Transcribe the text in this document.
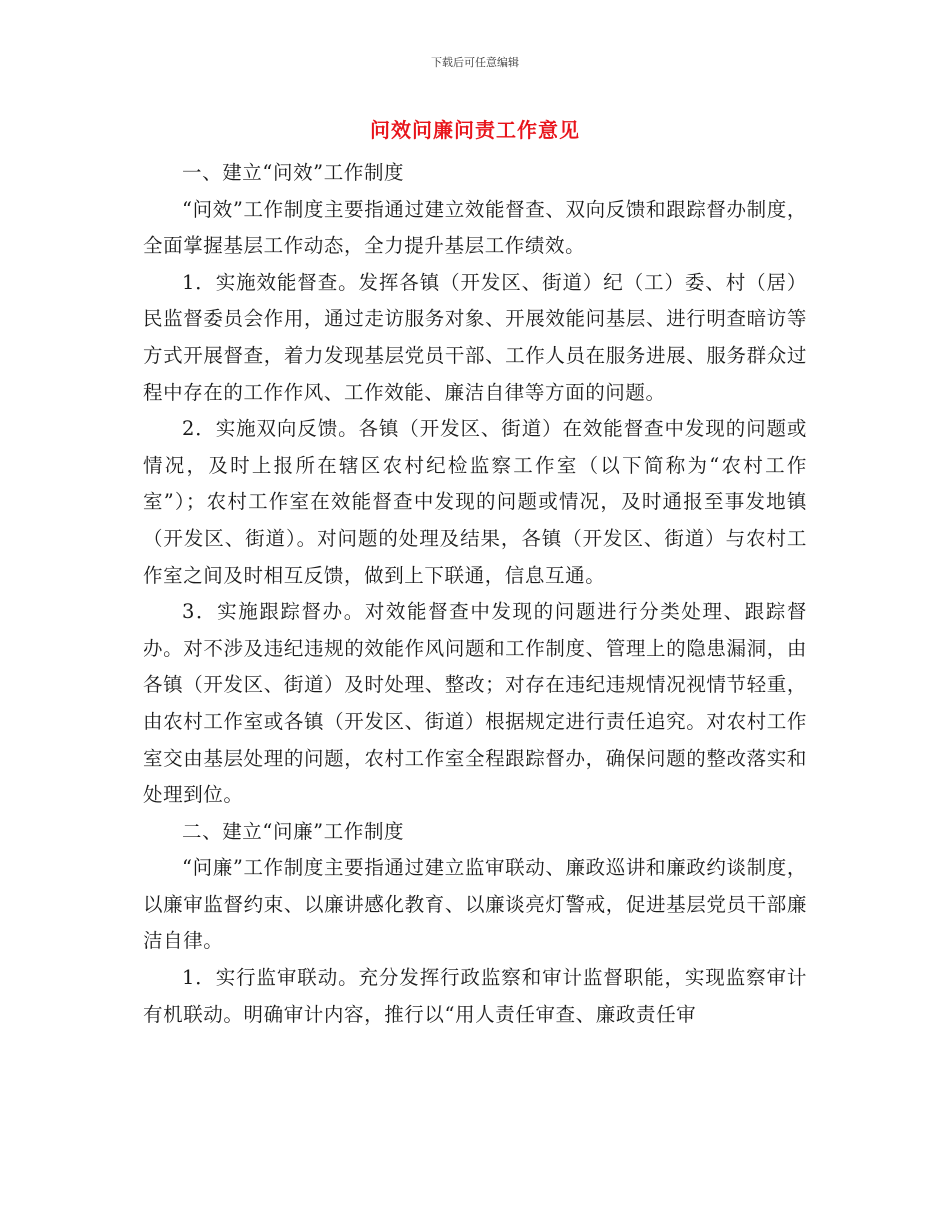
下载后可任意编辑
问效问廉问责工作意见

一、建立“问效”工作制度

“问效”工作制度主要指通过建立效能督查、双向反馈和跟踪督办制度，全面掌握基层工作动态，全力提升基层工作绩效。

1．实施效能督查。发挥各镇（开发区、街道）纪（工）委、村（居）民监督委员会作用，通过走访服务对象、开展效能问基层、进行明查暗访等方式开展督查，着力发现基层党员干部、工作人员在服务进展、服务群众过程中存在的工作作风、工作效能、廉洁自律等方面的问题。

2．实施双向反馈。各镇（开发区、街道）在效能督查中发现的问题或情况，及时上报所在辖区农村纪检监察工作室（以下简称为“农村工作室”）；农村工作室在效能督查中发现的问题或情况，及时通报至事发地镇（开发区、街道）。对问题的处理及结果，各镇（开发区、街道）与农村工作室之间及时相互反馈，做到上下联通，信息互通。

3．实施跟踪督办。对效能督查中发现的问题进行分类处理、跟踪督办。对不涉及违纪违规的效能作风问题和工作制度、管理上的隐患漏洞，由各镇（开发区、街道）及时处理、整改；对存在违纪违规情况视情节轻重，由农村工作室或各镇（开发区、街道）根据规定进行责任追究。对农村工作室交由基层处理的问题，农村工作室全程跟踪督办，确保问题的整改落实和处理到位。

二、建立“问廉”工作制度

“问廉”工作制度主要指通过建立监审联动、廉政巡讲和廉政约谈制度，以廉审监督约束、以廉讲感化教育、以廉谈亮灯警戒，促进基层党员干部廉洁自律。

1．实行监审联动。充分发挥行政监察和审计监督职能，实现监察审计有机联动。明确审计内容，推行以“用人责任审查、廉政责任审
